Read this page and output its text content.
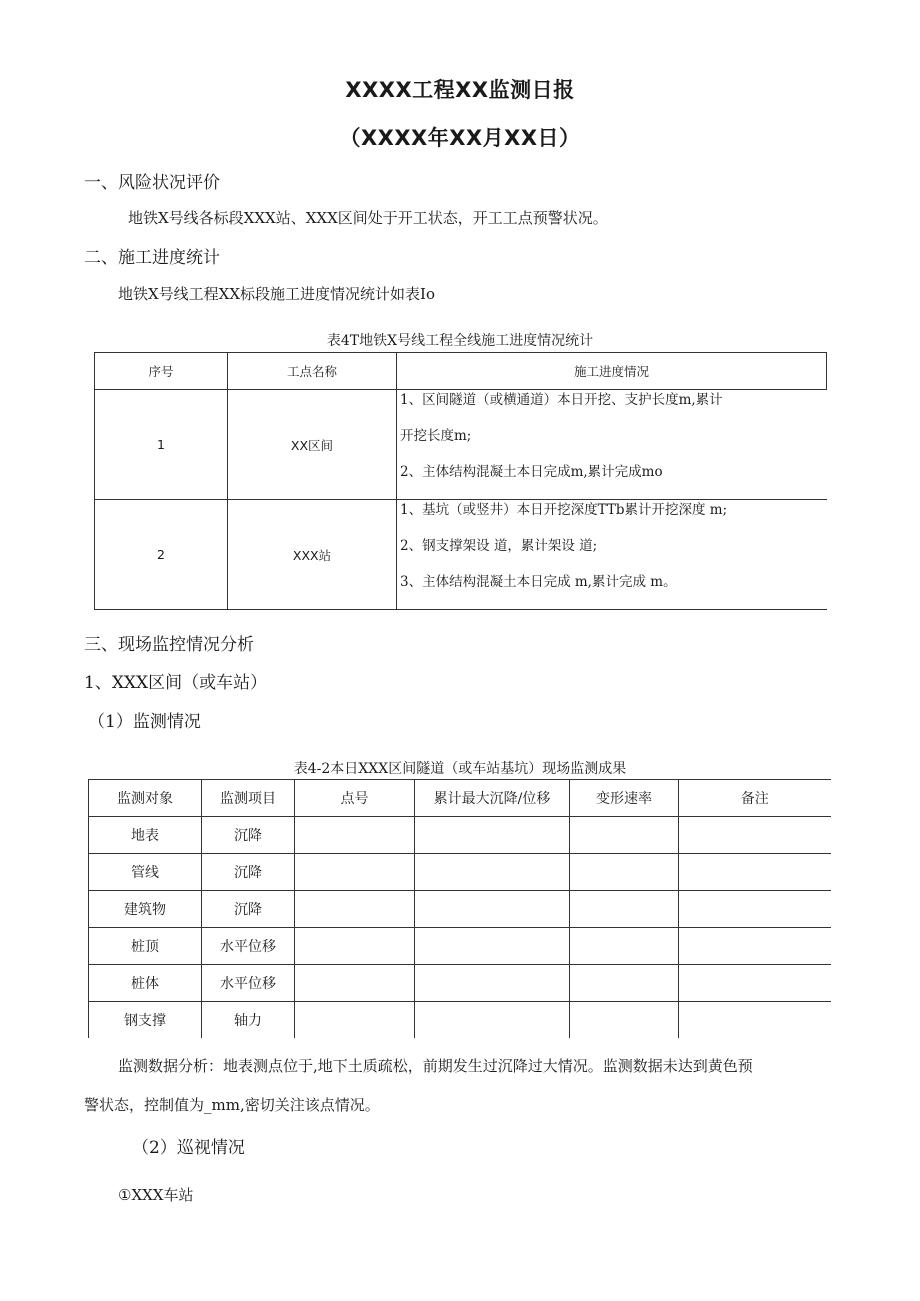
XXXX工程XX监测日报
（XXXX年XX月XX日）
一、风险状况评价
地铁X号线各标段XXX站、XXX区间处于开工状态，开工工点预警状况。
二、施工进度统计
地铁X号线工程XX标段施工进度情况统计如表Io
表4T地铁X号线工程全线施工进度情况统计
序号	工点名称	施工进度情况
1	XX区间	1、区间隧道（或横通道）本日开挖、支护长度m,累计
开挖长度m;
2、主体结构混凝土本日完成m,累计完成mo

2	XXX站	1、基坑（或竖井）本日开挖深度TTb累计开挖深度 m;
2、钢支撑架设 道，累计架设 道;
3、主体结构混凝土本日完成 m,累计完成 m。
三、现场监控情况分析
1、XXX区间（或车站）
（1）监测情况
表4-2本日XXX区间隧道（或车站基坑）现场监测成果
监测对象	监测项目	点号	累计最大沉降/位移	变形速率	备注
地表	沉降				
管线	沉降				
建筑物	沉降				
桩顶	水平位移				
桩体	水平位移				
钢支撑	轴力				
监测数据分析：地表测点位于,地下土质疏松，前期发生过沉降过大情况。监测数据未达到黄色预
警状态，控制值为_mm,密切关注该点情况。
（2）巡视情况
①XXX车站
